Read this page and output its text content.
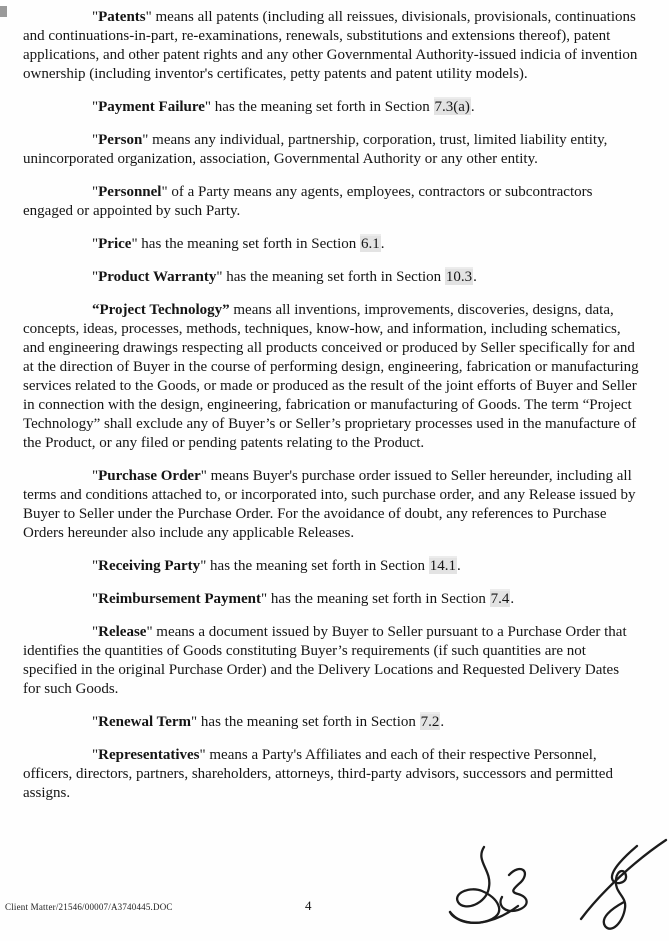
"Patents" means all patents (including all reissues, divisionals, provisionals, continuations and continuations-in-part, re-examinations, renewals, substitutions and extensions thereof), patent applications, and other patent rights and any other Governmental Authority-issued indicia of invention ownership (including inventor's certificates, petty patents and patent utility models).

"Payment Failure" has the meaning set forth in Section 7.3(a).

"Person" means any individual, partnership, corporation, trust, limited liability entity, unincorporated organization, association, Governmental Authority or any other entity.

"Personnel" of a Party means any agents, employees, contractors or subcontractors engaged or appointed by such Party.

"Price" has the meaning set forth in Section 6.1.

"Product Warranty" has the meaning set forth in Section 10.3.

“Project Technology” means all inventions, improvements, discoveries, designs, data, concepts, ideas, processes, methods, techniques, know-how, and information, including schematics, and engineering drawings respecting all products conceived or produced by Seller specifically for and at the direction of Buyer in the course of performing design, engineering, fabrication or manufacturing services related to the Goods, or made or produced as the result of the joint efforts of Buyer and Seller in connection with the design, engineering, fabrication or manufacturing of Goods. The term “Project Technology” shall exclude any of Buyer’s or Seller’s proprietary processes used in the manufacture of the Product, or any filed or pending patents relating to the Product.

"Purchase Order" means Buyer's purchase order issued to Seller hereunder, including all terms and conditions attached to, or incorporated into, such purchase order, and any Release issued by Buyer to Seller under the Purchase Order. For the avoidance of doubt, any references to Purchase Orders hereunder also include any applicable Releases.

"Receiving Party" has the meaning set forth in Section 14.1.

"Reimbursement Payment" has the meaning set forth in Section 7.4.

"Release" means a document issued by Buyer to Seller pursuant to a Purchase Order that identifies the quantities of Goods constituting Buyer’s requirements (if such quantities are not specified in the original Purchase Order) and the Delivery Locations and Requested Delivery Dates for such Goods.

"Renewal Term" has the meaning set forth in Section 7.2.

"Representatives" means a Party's Affiliates and each of their respective Personnel, officers, directors, partners, shareholders, attorneys, third-party advisors, successors and permitted assigns.

Client Matter/21546/00007/A3740445.DOC	4
